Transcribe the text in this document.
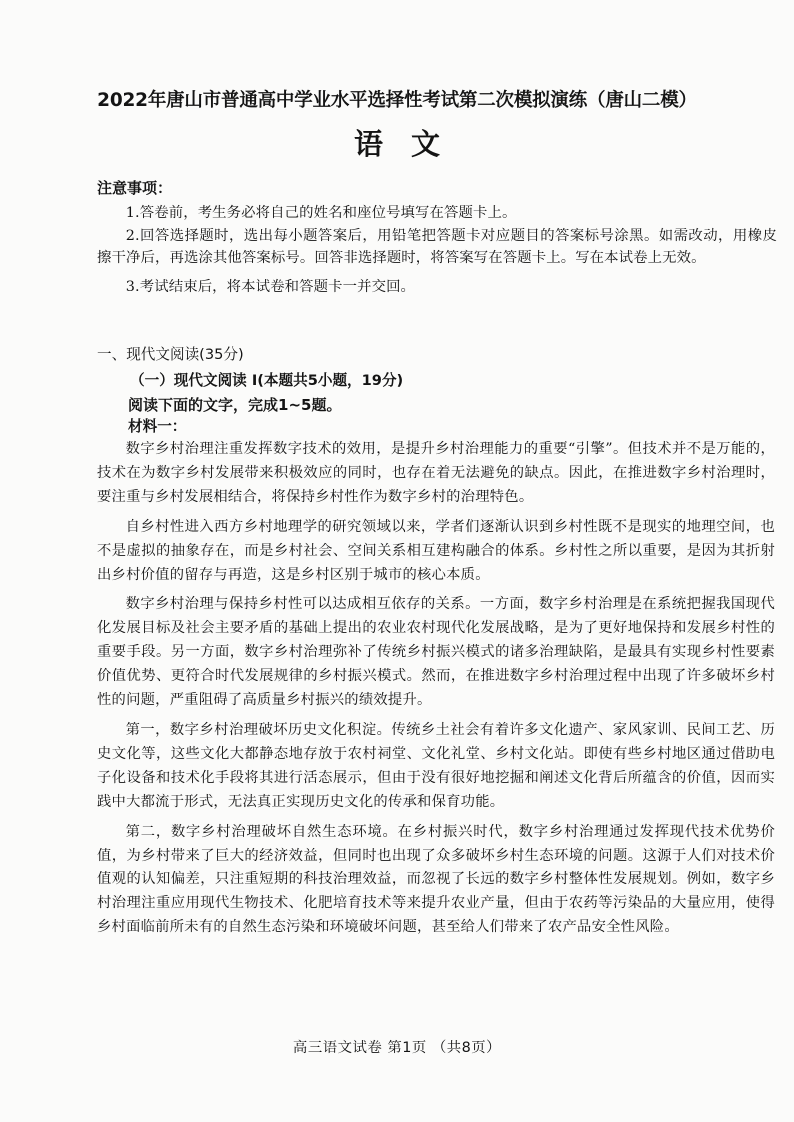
2022年唐山市普通高中学业水平选择性考试第二次模拟演练（唐山二模）
语文
注意事项：

1.答卷前，考生务必将自己的姓名和座位号填写在答题卡上。

2.回答选择题时，选出每小题答案后，用铅笔把答题卡对应题目的答案标号涂黑。如需改动，用橡皮擦干净后，再选涂其他答案标号。回答非选择题时，将答案写在答题卡上。写在本试卷上无效。

3.考试结束后，将本试卷和答题卡一并交回。

一、现代文阅读(35分)
（一）现代文阅读 I(本题共5小题，19分)
阅读下面的文字，完成1~5题。
材料一：

数字乡村治理注重发挥数字技术的效用，是提升乡村治理能力的重要“引擎”。但技术并不是万能的，技术在为数字乡村发展带来积极效应的同时，也存在着无法避免的缺点。因此，在推进数字乡村治理时，要注重与乡村发展相结合，将保持乡村性作为数字乡村的治理特色。

自乡村性进入西方乡村地理学的研究领域以来，学者们逐渐认识到乡村性既不是现实的地理空间，也不是虚拟的抽象存在，而是乡村社会、空间关系相互建构融合的体系。乡村性之所以重要，是因为其折射出乡村价值的留存与再造，这是乡村区别于城市的核心本质。

数字乡村治理与保持乡村性可以达成相互依存的关系。一方面，数字乡村治理是在系统把握我国现代化发展目标及社会主要矛盾的基础上提出的农业农村现代化发展战略，是为了更好地保持和发展乡村性的重要手段。另一方面，数字乡村治理弥补了传统乡村振兴模式的诸多治理缺陷，是最具有实现乡村性要素价值优势、更符合时代发展规律的乡村振兴模式。然而，在推进数字乡村治理过程中出现了许多破坏乡村性的问题，严重阻碍了高质量乡村振兴的绩效提升。

第一，数字乡村治理破坏历史文化积淀。传统乡土社会有着许多文化遗产、家风家训、民间工艺、历史文化等，这些文化大都静态地存放于农村祠堂、文化礼堂、乡村文化站。即使有些乡村地区通过借助电子化设备和技术化手段将其进行活态展示，但由于没有很好地挖掘和阐述文化背后所蕴含的价值，因而实践中大都流于形式，无法真正实现历史文化的传承和保育功能。

第二，数字乡村治理破坏自然生态环境。在乡村振兴时代，数字乡村治理通过发挥现代技术优势价值，为乡村带来了巨大的经济效益，但同时也出现了众多破坏乡村生态环境的问题。这源于人们对技术价值观的认知偏差，只注重短期的科技治理效益，而忽视了长远的数字乡村整体性发展规划。例如，数字乡村治理注重应用现代生物技术、化肥培育技术等来提升农业产量，但由于农药等污染品的大量应用，使得乡村面临前所未有的自然生态污染和环境破坏问题，甚至给人们带来了农产品安全性风险。

高三语文试卷 第1页 （共8页）
